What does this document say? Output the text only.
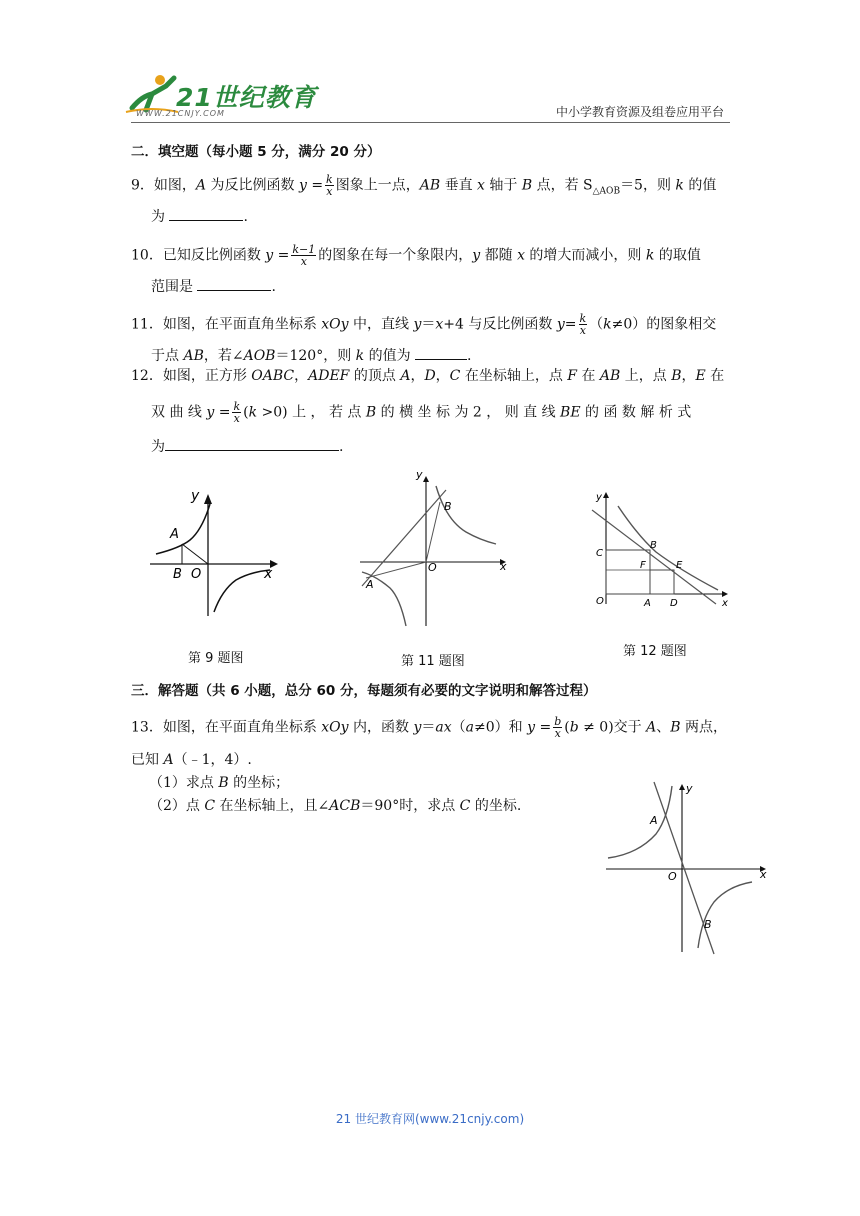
21世纪教育
WWW.21CNJY.COM	中小学教育资源及组卷应用平台
二．填空题（每小题 5 分，满分 20 分）
9．如图，A 为反比例函数 $y = \frac{k}{x}$ 图象上一点，AB 垂直 x 轴于 B 点，若 $S_{\triangle AOB}=5$，则 k 的值
为	.
10．已知反比例函数 $y = \frac{k-1}{x}$ 的图象在每一个象限内，y 都随 x 的增大而减小，则 k 的取值
范围是	.
11．如图，在平面直角坐标系 xOy 中，直线 y＝x+4 与反比例函数 $y= \frac{k}{x} (k\ne 0)$的图象相交
于点 AB，若∠AOB＝120°，则 k 的值为	.
12．如图，正方形 OABC，ADEF 的顶点 A，D，C 在坐标轴上，点 F 在 AB 上，点 B，E 在
双 曲 线 $y = \frac{k}{x} (k >0)$ 上 ， 若 点 B 的 横 坐 标 为 2 ， 则 直 线 BE 的 函 数 解 析 式
为	.
y
x
A
B O
第 9 题图
y
x
A
B
O
第 11 题图
y
x
O	A
B
C
D
E
F
第 12 题图
三．解答题（共 6 小题，总分 60 分，每题须有必要的文字说明和解答过程）
13．如图，在平面直角坐标系 xOy 内，函数 y＝ax（a≠0）和 $y = \frac{b}{x} (b \ne 0)$交于 A、B 两点，
已知 A（﹣1，4）.
（1）求点 B 的坐标；
（2）点 C 在坐标轴上，且∠ACB＝90°时，求点 C 的坐标.
y
x
A
B
O
21 世纪教育网(www.21cnjy.com)
